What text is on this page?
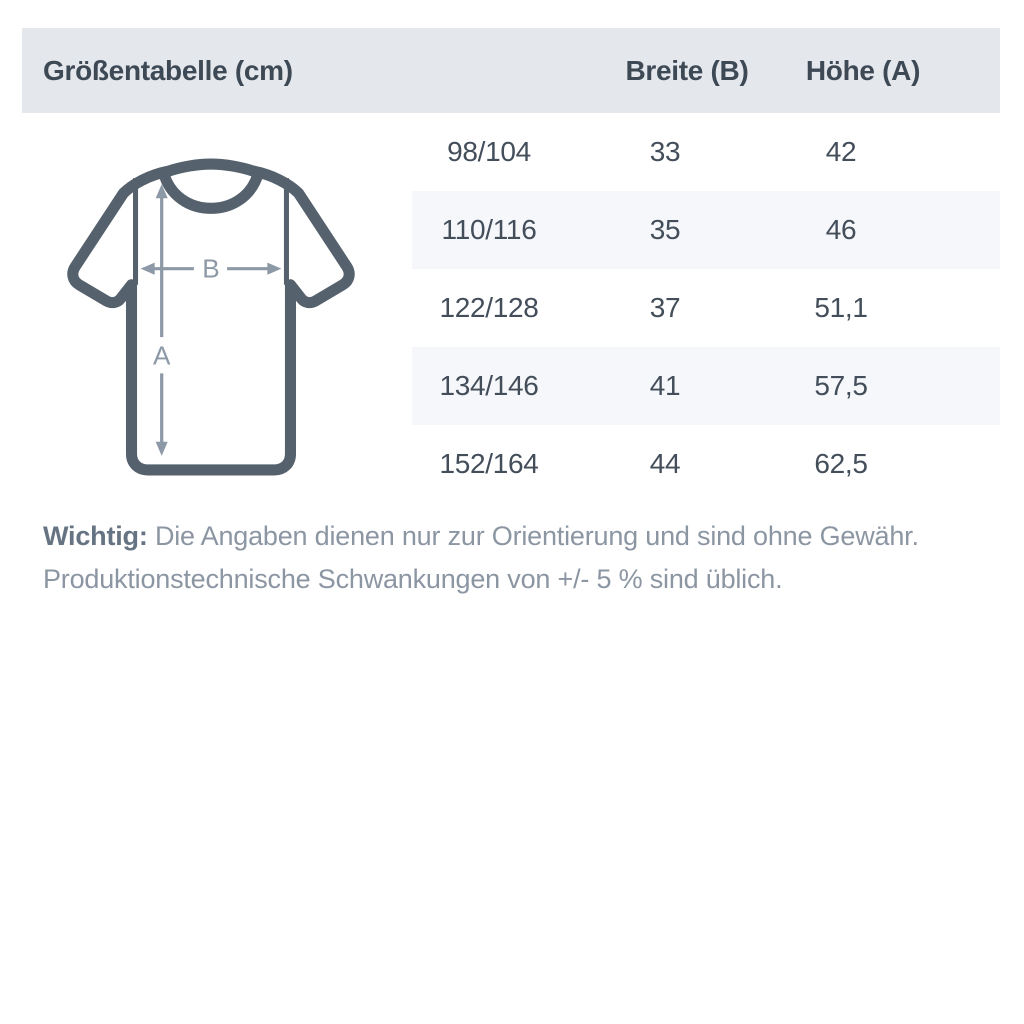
Größentabelle (cm)	Breite (B)	Höhe (A)
A
B
98/104	33	42
110/116	35	46
122/128	37	51,1
134/146	41	57,5
152/164	44	62,5
Wichtig: Die Angaben dienen nur zur Orientierung und sind ohne Gewähr.
Produktionstechnische Schwankungen von +/- 5 % sind üblich.
